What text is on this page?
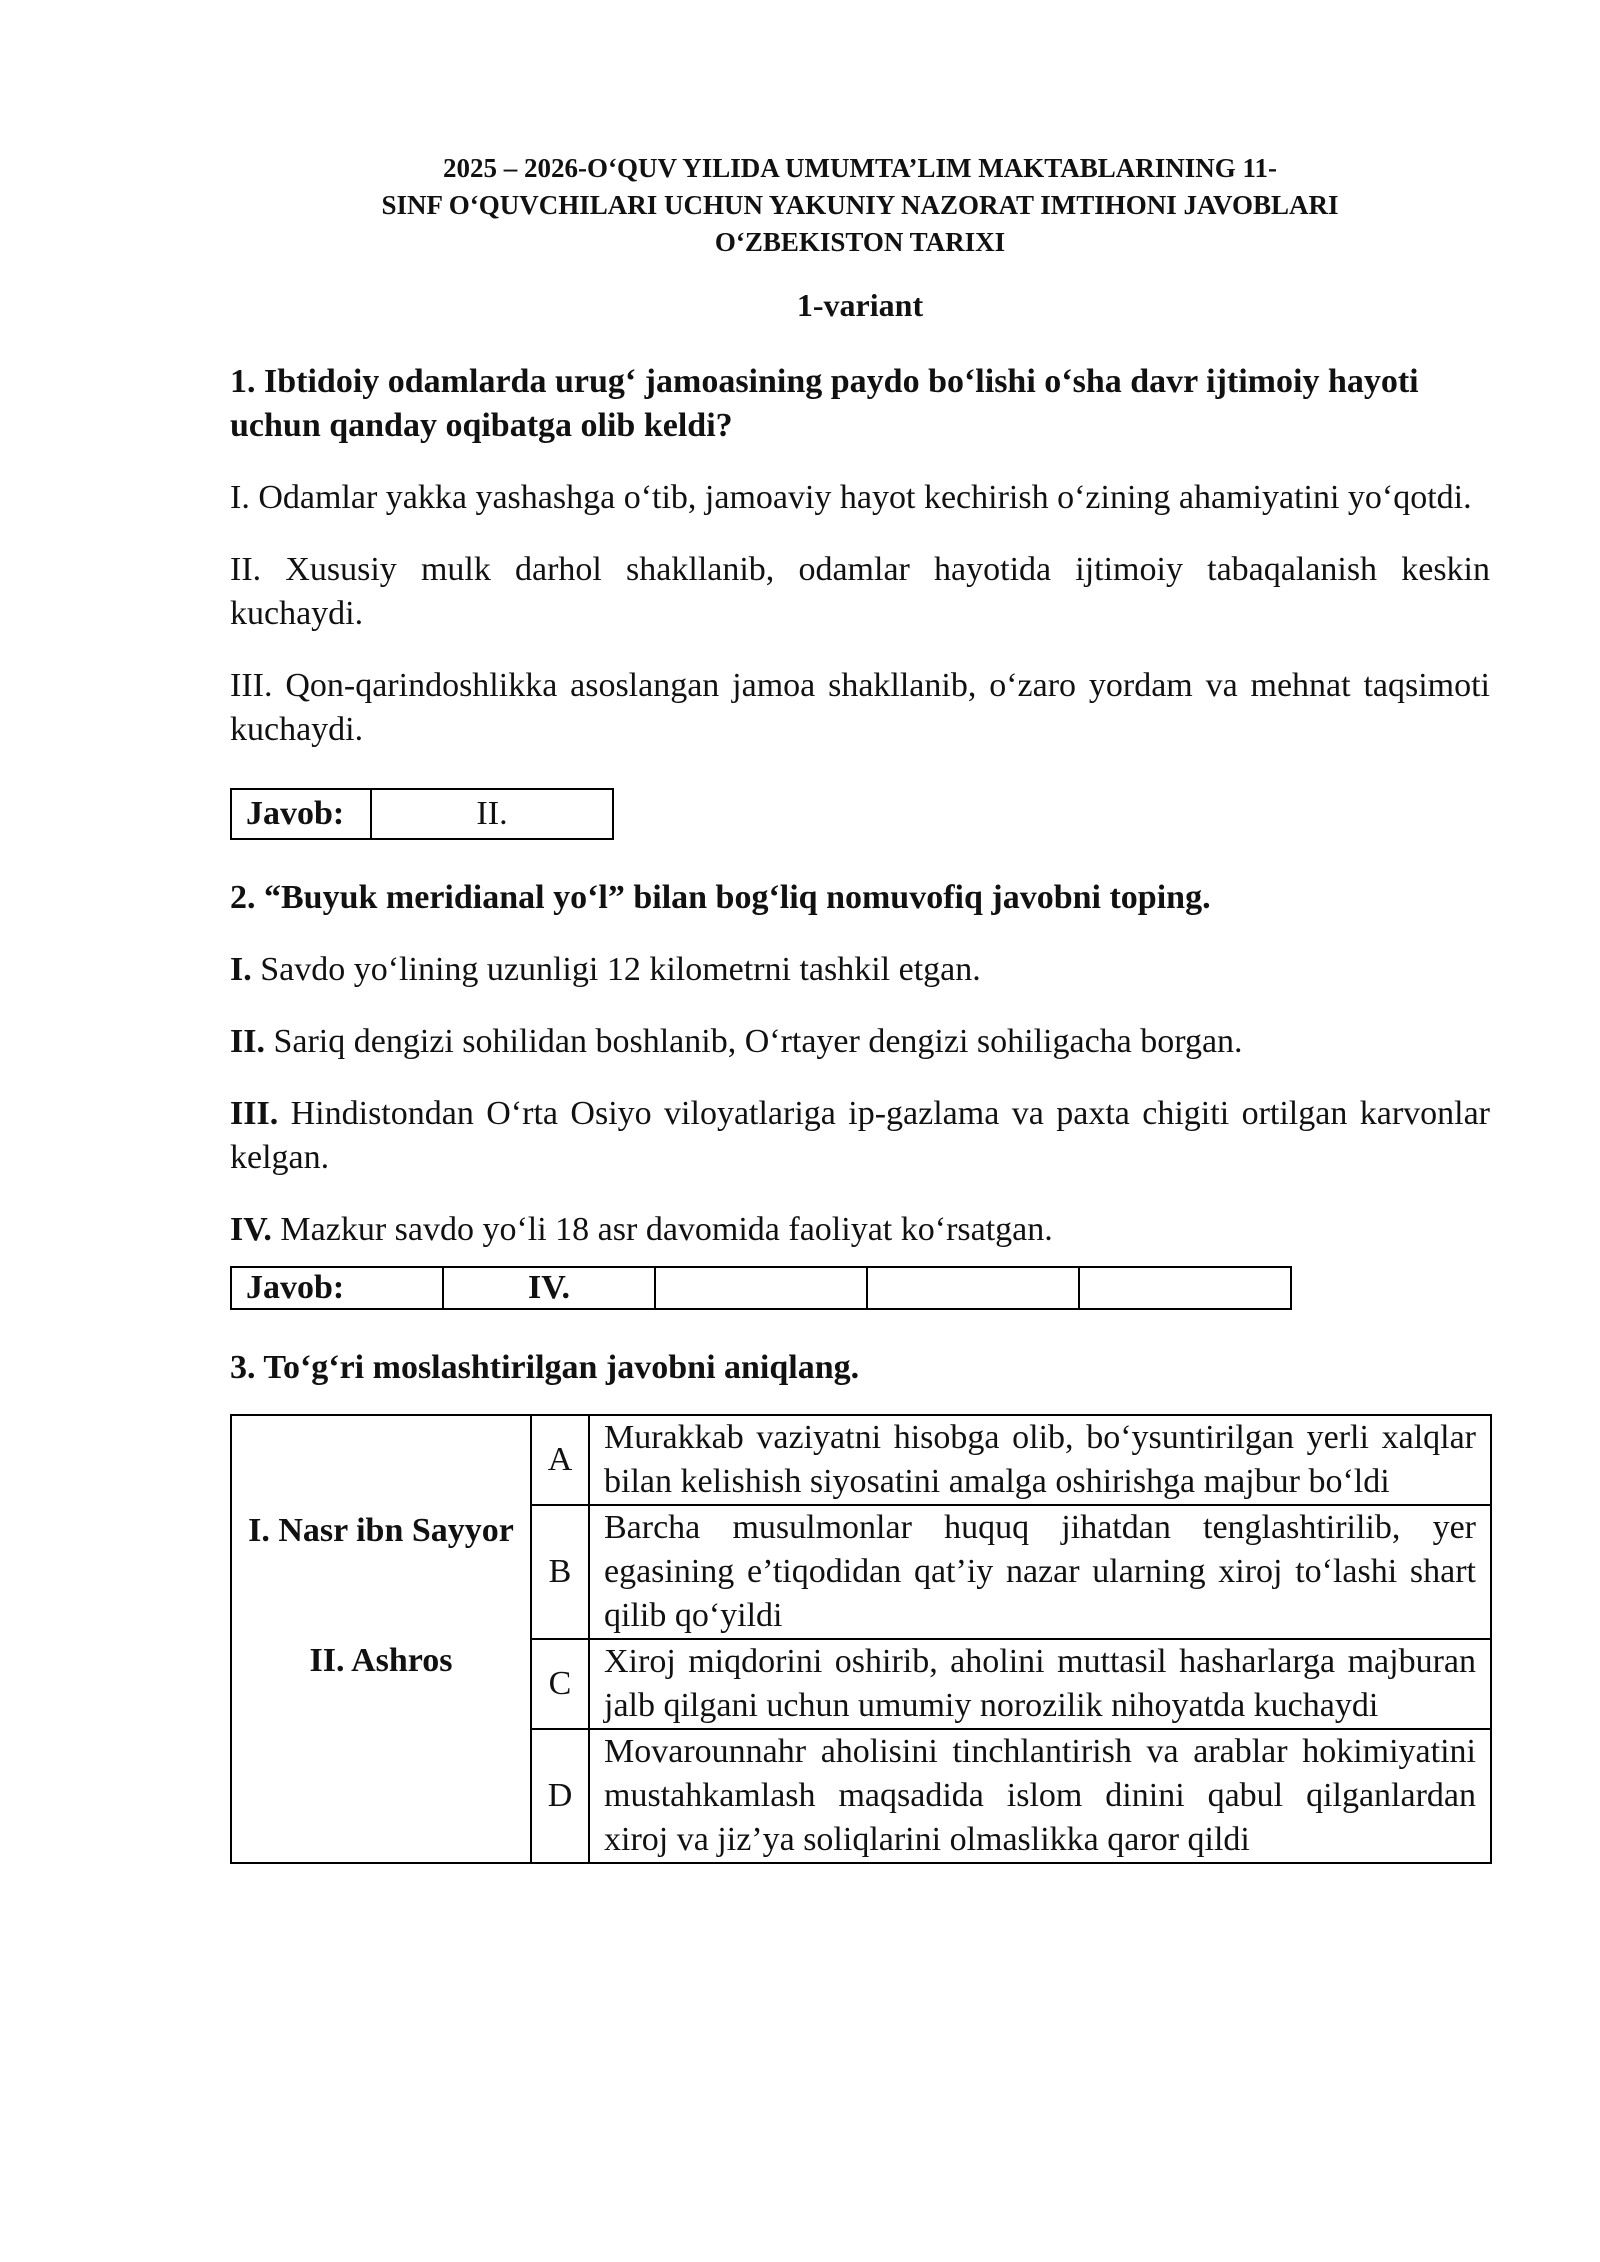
2025 – 2026-O‘QUV YILIDA UMUMTA’LIM MAKTABLARINING 11-
SINF O‘QUVCHILARI UCHUN YAKUNIY NAZORAT IMTIHONI JAVOBLARI
O‘ZBEKISTON TARIXI
1-variant
1. Ibtidoiy odamlarda urug‘ jamoasining paydo bo‘lishi o‘sha davr ijtimoiy hayoti uchun qanday oqibatga olib keldi?
I. Odamlar yakka yashashga o‘tib, jamoaviy hayot kechirish o‘zining ahamiyatini yo‘qotdi.
II. Xususiy mulk darhol shakllanib, odamlar hayotida ijtimoiy tabaqalanish keskin kuchaydi.
III. Qon-qarindoshlikka asoslangan jamoa shakllanib, o‘zaro yordam va mehnat taqsimoti kuchaydi.
Javob:	II.
2. “Buyuk meridianal yo‘l” bilan bog‘liq nomuvofiq javobni toping.
I. Savdo yo‘lining uzunligi 12 kilometrni tashkil etgan.
II. Sariq dengizi sohilidan boshlanib, O‘rtayer dengizi sohiligacha borgan.
III. Hindistondan O‘rta Osiyo viloyatlariga ip-gazlama va paxta chigiti ortilgan karvonlar kelgan.
IV. Mazkur savdo yo‘li 18 asr davomida faoliyat ko‘rsatgan.
Javob:	IV.			
3. To‘g‘ri moslashtirilgan javobni aniqlang.
I. Nasr ibn Sayyor
II. Ashros	A	Murakkab vaziyatni hisobga olib, bo‘ysuntirilgan yerli xalqlar bilan kelishish siyosatini amalga oshirishga majbur bo‘ldi
	B	Barcha musulmonlar huquq jihatdan tenglashtirilib, yer egasining e’tiqodidan qat’iy nazar ularning xiroj to‘lashi shart qilib qo‘yildi
	C	Xiroj miqdorini oshirib, aholini muttasil hasharlarga majburan jalb qilgani uchun umumiy norozilik nihoyatda kuchaydi
	D	Movarounnahr aholisini tinchlantirish va arablar hokimiyatini mustahkamlash maqsadida islom dinini qabul qilganlardan xiroj va jiz’ya soliqlarini olmaslikka qaror qildi
